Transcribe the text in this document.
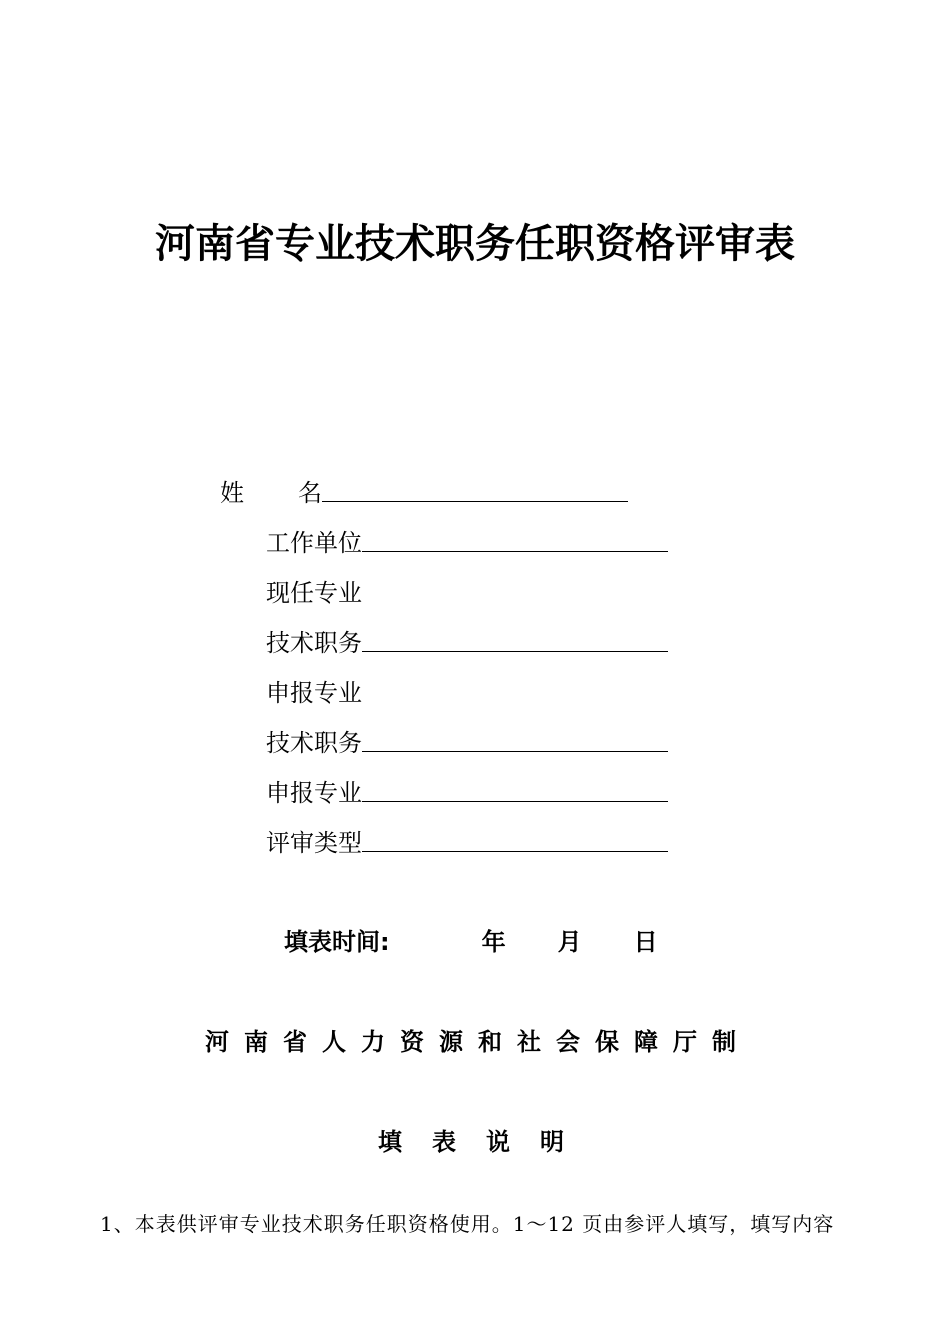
河南省专业技术职务任职资格评审表
姓 名
工作单位
现任专业
技术职务
申报专业
技术职务
申报专业
评审类型
填表时间:	年 月 日
河南省人力资源和社会保障厅制
填表说明
1、本表供评审专业技术职务任职资格使用。1～12 页由参评人填写，填写内容
